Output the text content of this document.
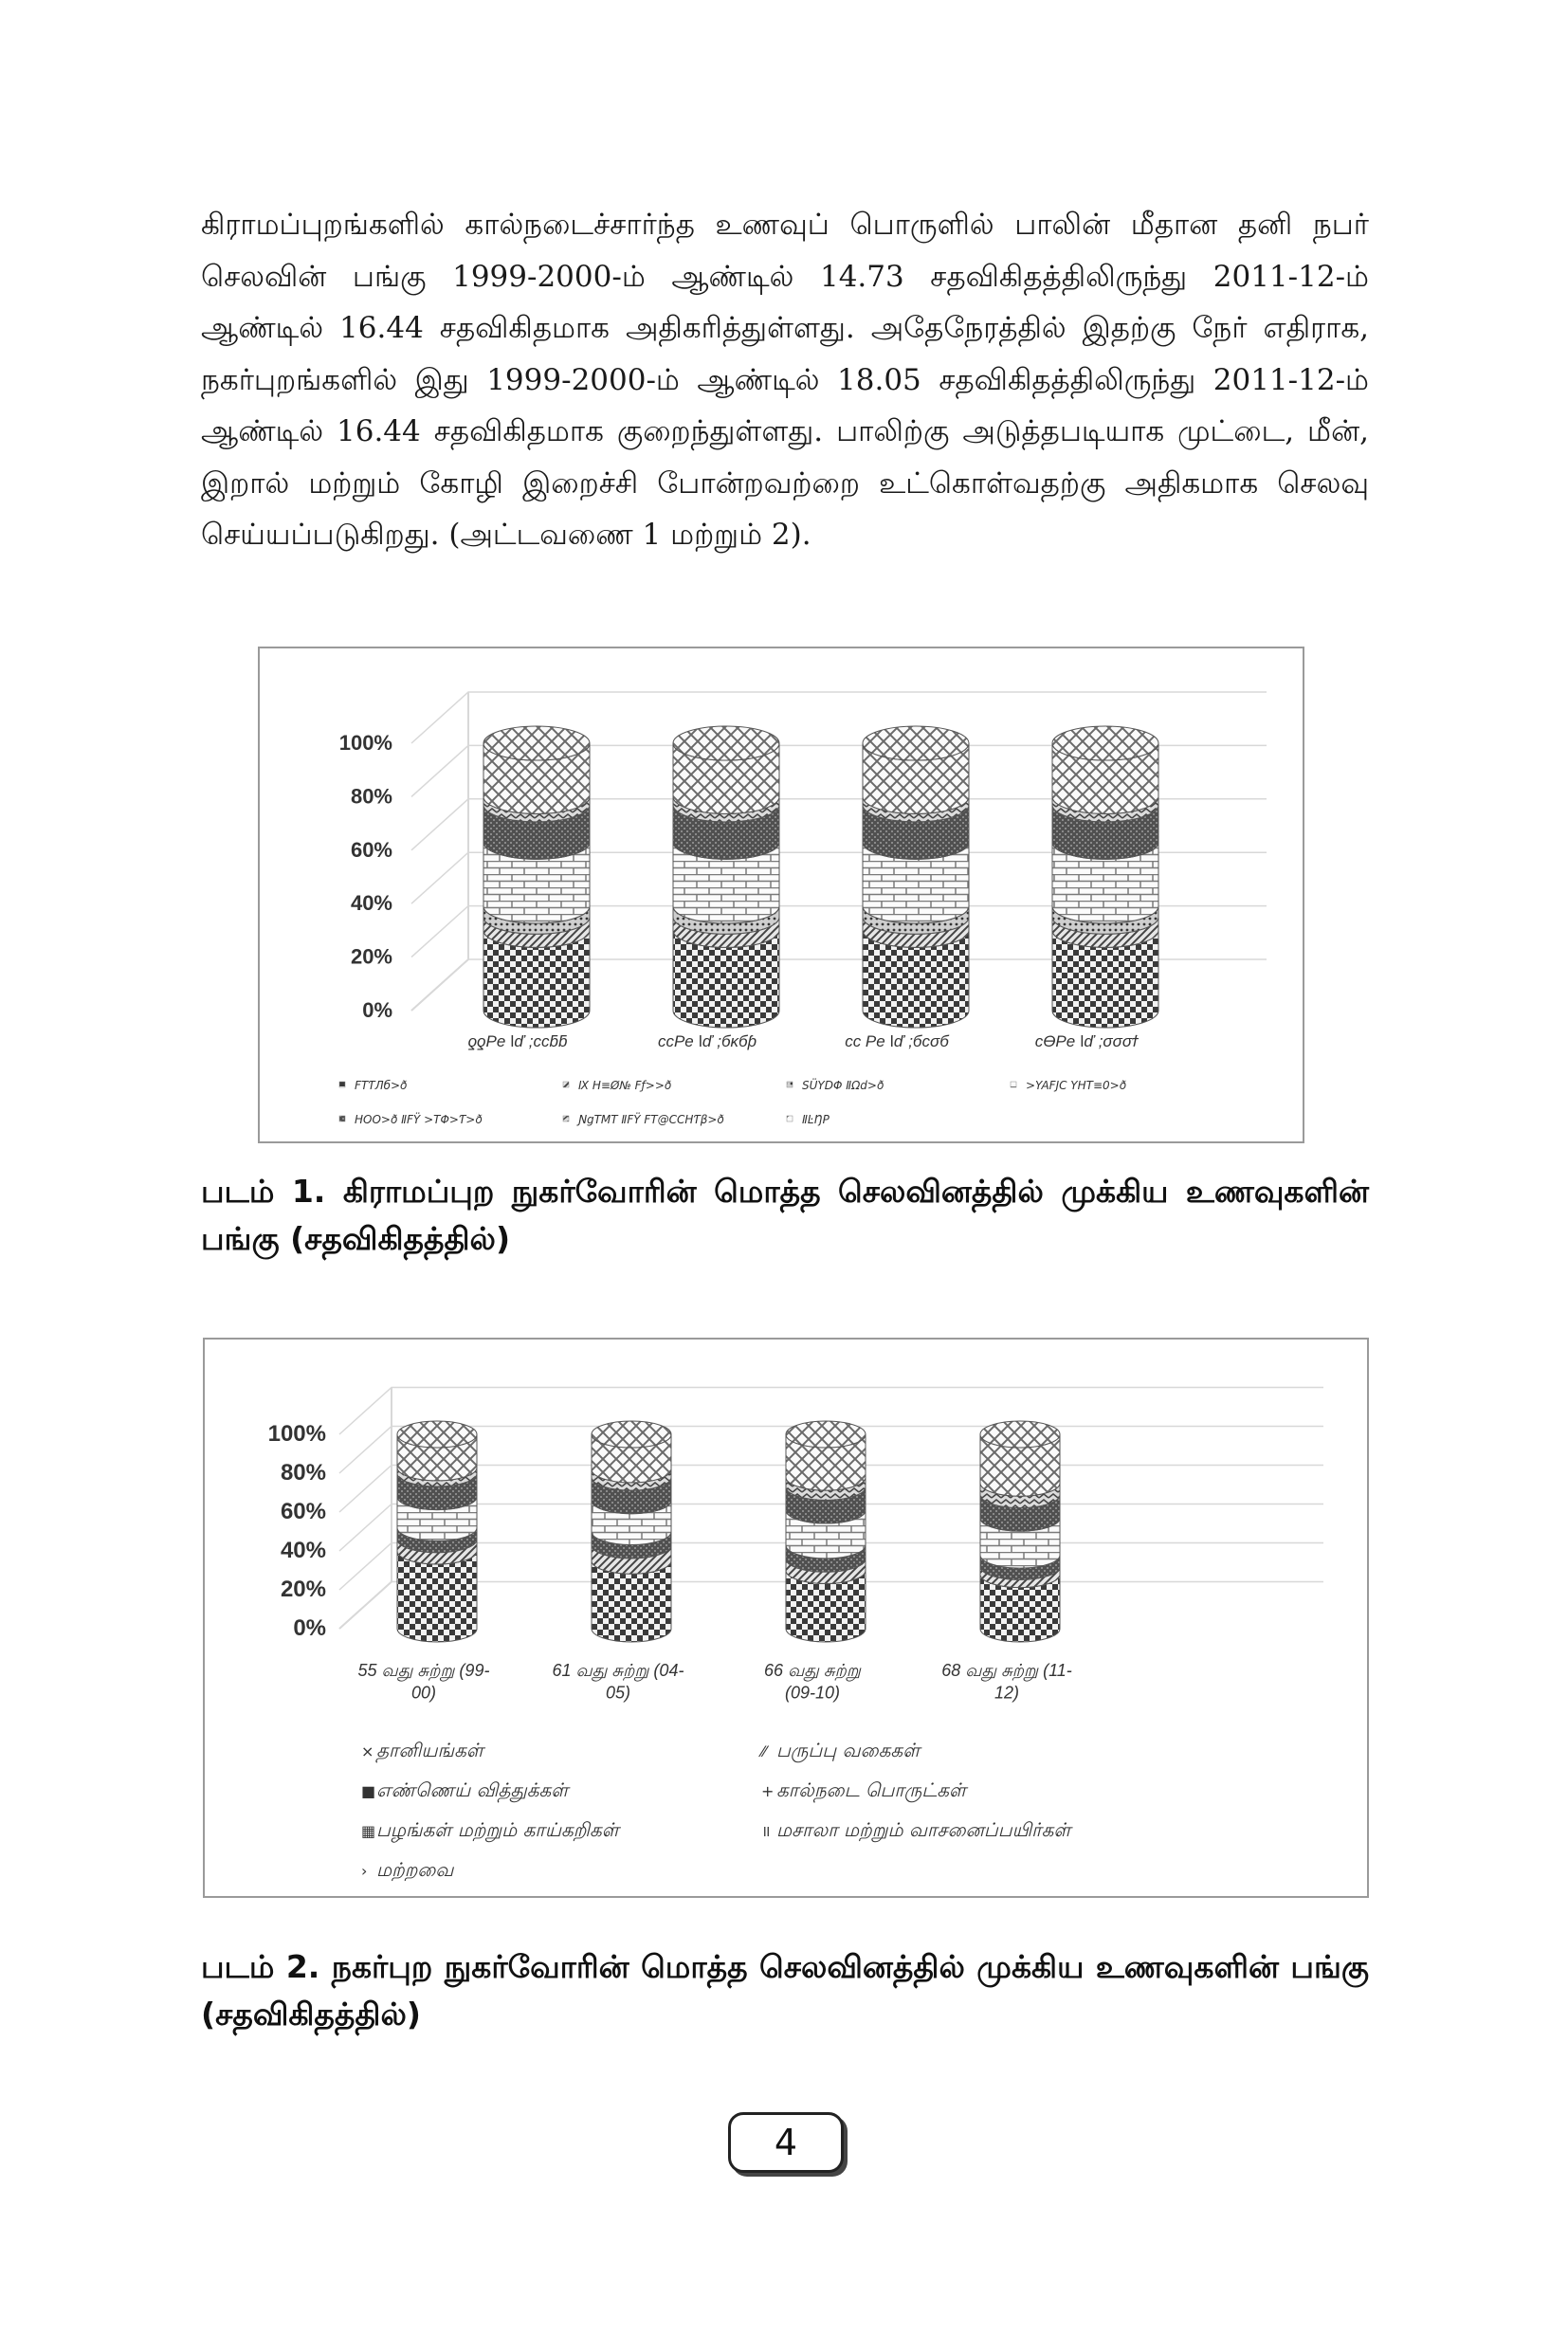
கிராமப்புறங்களில் கால்நடைச்சார்ந்த உணவுப் பொருளில் பாலின் மீதான தனி நபர் செலவின் பங்கு 1999-2000-ம் ஆண்டில் 14.73 சதவிகிதத்திலிருந்து 2011-12-ம் ஆண்டில் 16.44 சதவிகிதமாக அதிகரித்துள்ளது. அதேநேரத்தில் இதற்கு நேர் எதிராக, நகர்புறங்களில் இது 1999-2000-ம் ஆண்டில் 18.05 சதவிகிதத்திலிருந்து 2011-12-ம் ஆண்டில் 16.44 சதவிகிதமாக குறைந்துள்ளது. பாலிற்கு அடுத்தபடியாக முட்டை, மீன், இறால் மற்றும் கோழி இறைச்சி போன்றவற்றை உட்கொள்வதற்கு அதிகமாக செலவு செய்யப்படுகிறது. (அட்டவணை 1 மற்றும் 2).
0%
20%
40%
60%
80%
100%
ƍƍPe ǀď ;ccƃƃ	ccPe ǀď ;бĸбƥ	cc Pe ǀď ;бcσб	cƟPe ǀď ;σσσϯ
FTƬЛб>ð	Ⅸ H≡Ø№ Fƒ>>ð	SÜYDΦ ⅡΩd>ð	>YAFJC YHT≡0>ð
HOO>ð ⅡFŸ >ТΦ>Ƭ>ð	ƝgТМТ ⅡFŸ FT@CCHƬβ>ð	ⅡĿŊP
படம் 1. கிராமப்புற நுகர்வோரின் மொத்த செலவினத்தில் முக்கிய உணவுகளின் பங்கு (சதவிகிதத்தில்)
0%
20%
40%
60%
80%
100%
55 வது சுற்று (99-00)
61 வது சுற்று (04-05)
66 வது சுற்று (09-10)
68 வது சுற்று (11-12)
× தானியங்கள்	⁄⁄ பருப்பு வகைகள்
■ எண்ணெய் வித்துக்கள்	+ கால்நடை பொருட்கள்
▦ பழங்கள் மற்றும் காய்கறிகள்	॥ மசாலா மற்றும் வாசனைப்பயிர்கள்
› மற்றவை
படம் 2. நகர்புற நுகர்வோரின் மொத்த செலவினத்தில் முக்கிய உணவுகளின் பங்கு (சதவிகிதத்தில்)
4
